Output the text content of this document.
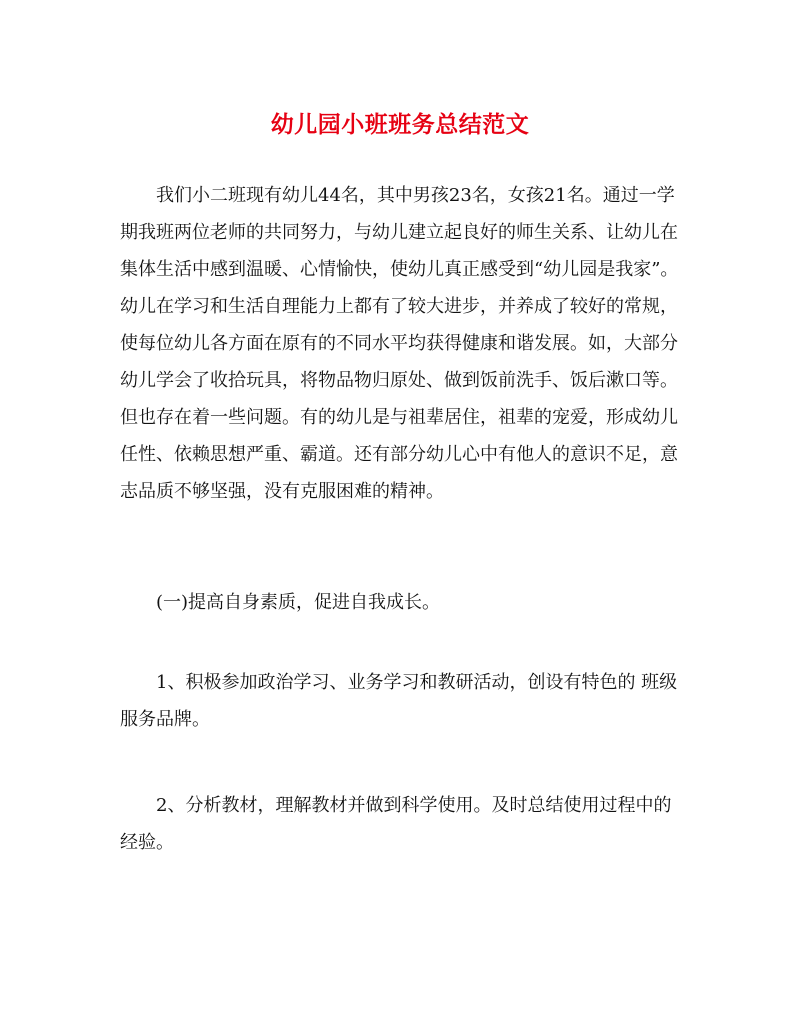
幼儿园小班班务总结范文

我们小二班现有幼儿44名，其中男孩23名，女孩21名。通过一学期我班两位老师的共同努力，与幼儿建立起良好的师生关系、让幼儿在集体生活中感到温暖、心情愉快，使幼儿真正感受到“幼儿园是我家”。幼儿在学习和生活自理能力上都有了较大进步，并养成了较好的常规，使每位幼儿各方面在原有的不同水平均获得健康和谐发展。如，大部分幼儿学会了收拾玩具，将物品物归原处、做到饭前洗手、饭后漱口等。但也存在着一些问题。有的幼儿是与祖辈居住，祖辈的宠爱，形成幼儿任性、依赖思想严重、霸道。还有部分幼儿心中有他人的意识不足，意志品质不够坚强，没有克服困难的精神。

(一)提高自身素质，促进自我成长。

1、积极参加政治学习、业务学习和教研活动，创设有特色的 班级服务品牌。

2、分析教材，理解教材并做到科学使用。及时总结使用过程中的经验。
